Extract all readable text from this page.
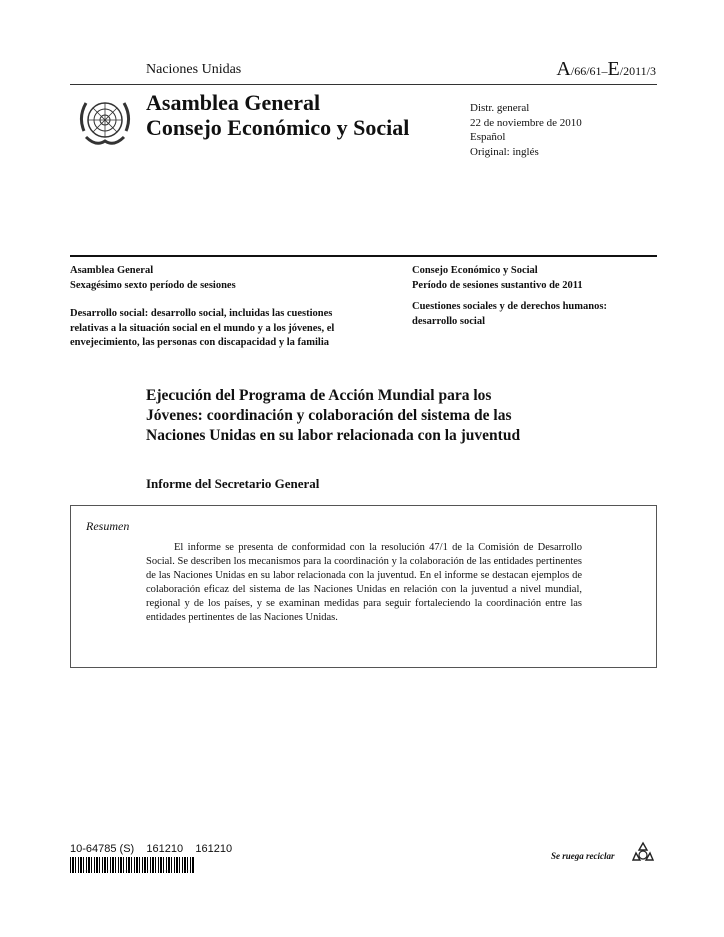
Naciones Unidas	A/66/61–E/2011/3
Asamblea General
Consejo Económico y Social
Distr. general
22 de noviembre de 2010
Español
Original: inglés
Asamblea General
Sexagésimo sexto período de sesiones
Desarrollo social: desarrollo social, incluidas las cuestiones relativas a la situación social en el mundo y a los jóvenes, el envejecimiento, las personas con discapacidad y la familia
Consejo Económico y Social
Período de sesiones sustantivo de 2011
Cuestiones sociales y de derechos humanos: desarrollo social
Ejecución del Programa de Acción Mundial para los Jóvenes: coordinación y colaboración del sistema de las Naciones Unidas en su labor relacionada con la juventud
Informe del Secretario General
Resumen
El informe se presenta de conformidad con la resolución 47/1 de la Comisión de Desarrollo Social. Se describen los mecanismos para la coordinación y la colaboración de las entidades pertinentes de las Naciones Unidas en su labor relacionada con la juventud. En el informe se destacan ejemplos de colaboración eficaz del sistema de las Naciones Unidas en relación con la juventud a nivel mundial, regional y de los países, y se examinan medidas para seguir fortaleciendo la coordinación entre las entidades pertinentes de las Naciones Unidas.
10-64785 (S)    161210    161210
Se ruega reciclar
